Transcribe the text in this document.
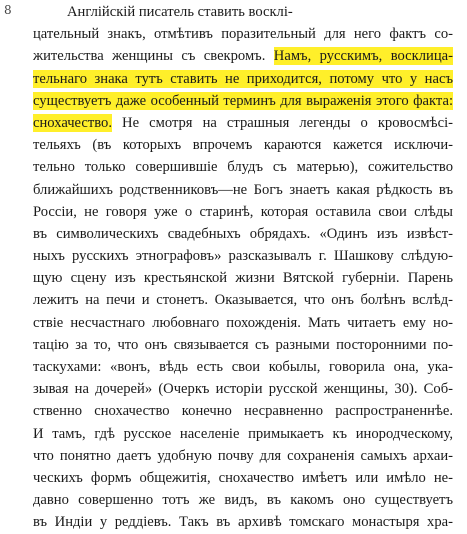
8	Англійскій писатель ставить восклі-
цательный знакъ, отмѣтивъ поразительный для него фактъ со-
жительства женщины съ свекромъ. Намъ, русскимъ, восклица-
тельнаго знака тутъ ставить не приходится, потому что у насъ
существуетъ даже особенный терминъ для выраженія этого факта:
снохачество. Не смотря на страшныя легенды о кровосмѣсі-
тельяхъ (въ которыхъ впрочемъ караются кажется исключи-
тельно только совершившіе блудъ съ матерью), сожительство
ближайшихъ родственниковъ—не Богъ знаетъ какая рѣдкость въ
Россіи, не говоря уже о старинѣ, которая оставила свои слѣды
въ символическихъ свадебныхъ обрядахъ. «Одинъ изъ извѣст-
ныхъ русскихъ этнографовъ» разсказывалъ г. Шашкову слѣдую-
щую сцену изъ крестьянской жизни Вятской губерніи. Парень
лежитъ на печи и стонетъ. Оказывается, что онъ болѣнъ вслѣд-
ствіе несчастнаго любовнаго похожденія. Мать читаетъ ему но-
тацію за то, что онъ связывается съ разными посторонними по-
таскухами: «вонъ, вѣдь есть свои кобылы, говорила она, ука-
зывая на дочерей» (Очеркъ исторіи русской женщины, 30). Соб-
ственно снохачество конечно несравненно распространеннѣе.
И тамъ, гдѣ русское населеніе примыкаетъ къ инородческому,
что понятно даетъ удобную почву для сохраненія самыхъ архаи-
ческихъ формъ общежитія, снохачество имѣетъ или имѣло не-
давно совершенно тотъ же видъ, въ какомъ оно существуетъ
въ Индіи у реддіевъ. Такъ въ архивѣ томскаго монастыря хра-
